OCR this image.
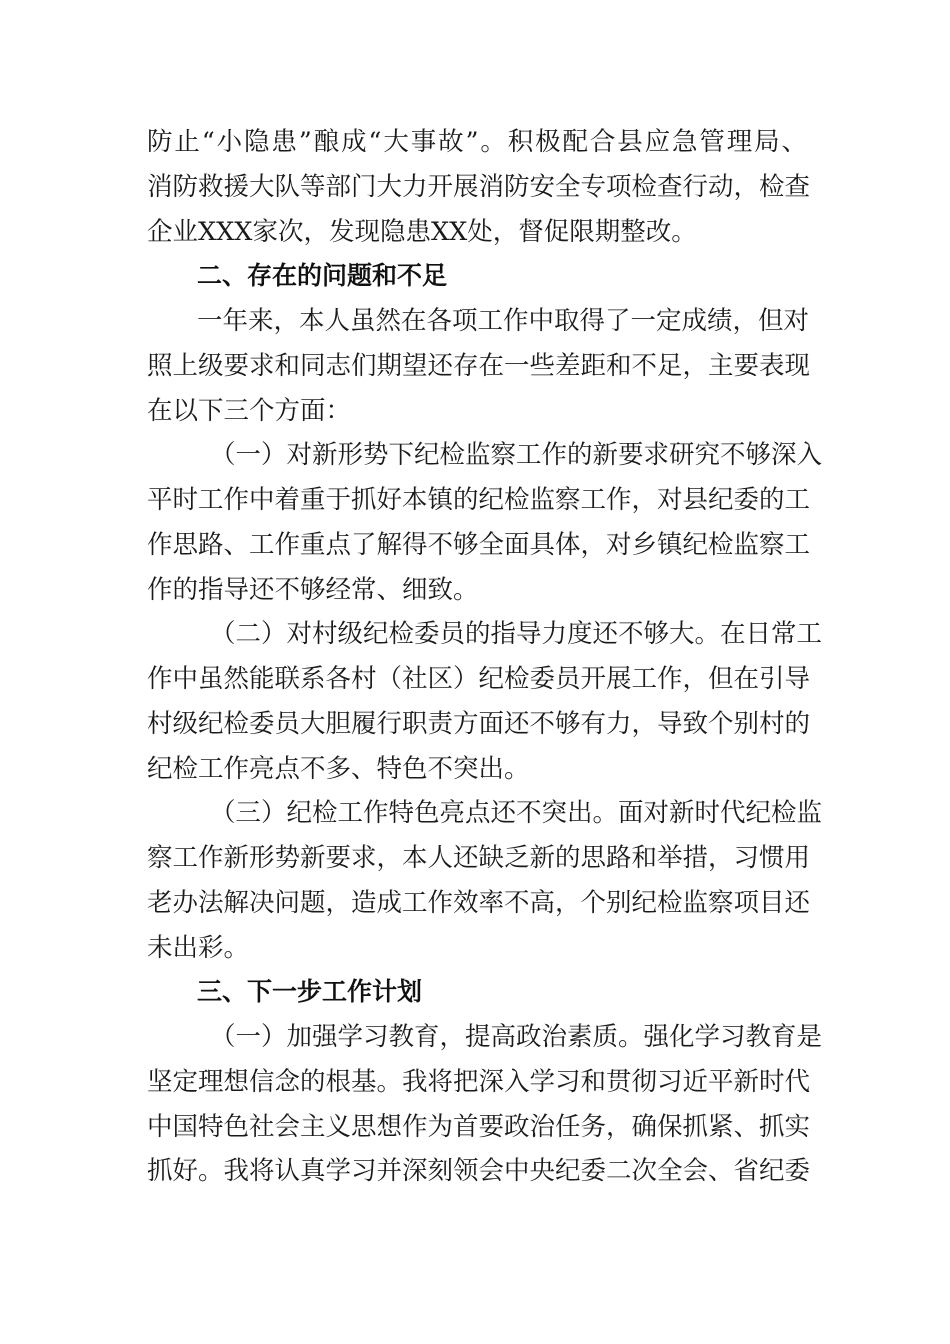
防止“小隐患”酿成“大事故”。积极配合县应急管理局、
消防救援大队等部门大力开展消防安全专项检查行动，检查
企业XXX家次，发现隐患XX处，督促限期整改。
二、存在的问题和不足
一年来，本人虽然在各项工作中取得了一定成绩，但对
照上级要求和同志们期望还存在一些差距和不足，主要表现
在以下三个方面：
（一）对新形势下纪检监察工作的新要求研究不够深入
平时工作中着重于抓好本镇的纪检监察工作，对县纪委的工
作思路、工作重点了解得不够全面具体，对乡镇纪检监察工
作的指导还不够经常、细致。
（二）对村级纪检委员的指导力度还不够大。在日常工
作中虽然能联系各村（社区）纪检委员开展工作，但在引导
村级纪检委员大胆履行职责方面还不够有力，导致个别村的
纪检工作亮点不多、特色不突出。
（三）纪检工作特色亮点还不突出。面对新时代纪检监
察工作新形势新要求，本人还缺乏新的思路和举措，习惯用
老办法解决问题，造成工作效率不高，个别纪检监察项目还
未出彩。
三、下一步工作计划
（一）加强学习教育，提高政治素质。强化学习教育是
坚定理想信念的根基。我将把深入学习和贯彻习近平新时代
中国特色社会主义思想作为首要政治任务，确保抓紧、抓实
抓好。我将认真学习并深刻领会中央纪委二次全会、省纪委
